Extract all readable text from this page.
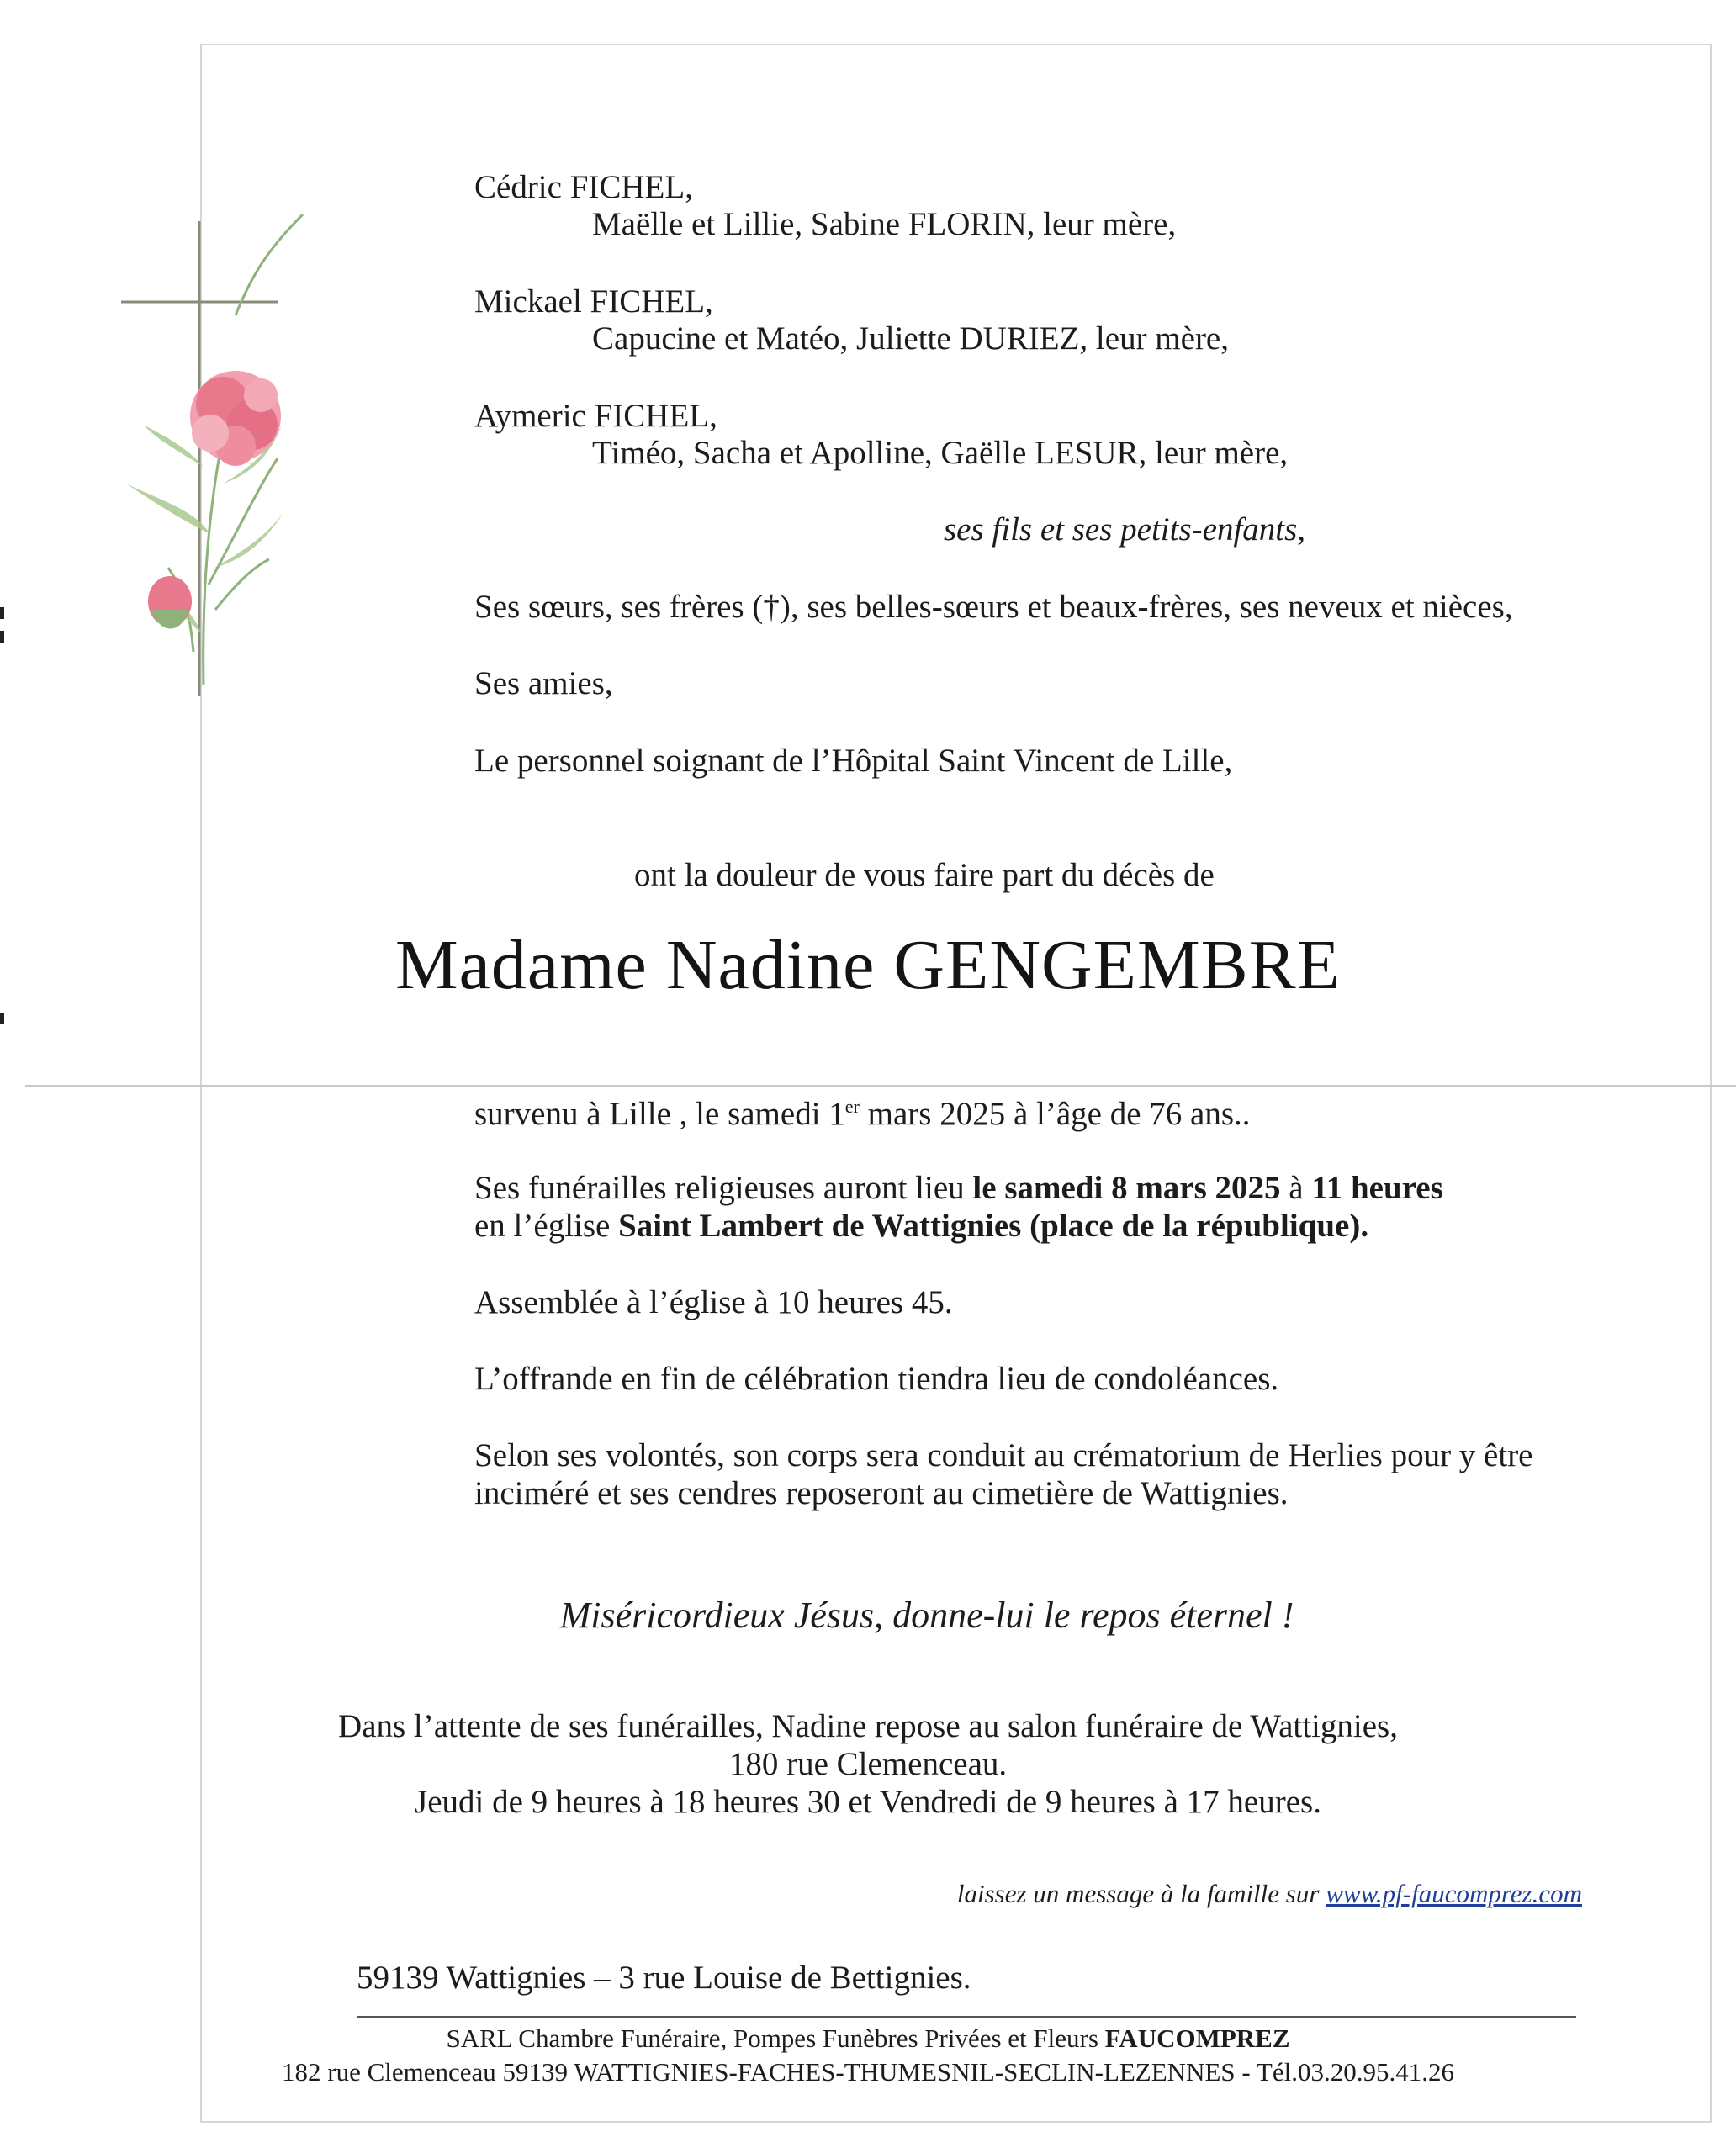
Cédric FICHEL,
Maëlle et Lillie, Sabine FLORIN, leur mère,
Mickael FICHEL,
Capucine et Matéo, Juliette DURIEZ, leur mère,
Aymeric FICHEL,
Timéo, Sacha et Apolline, Gaëlle LESUR, leur mère,
ses fils et ses petits-enfants,
Ses sœurs, ses frères (†), ses belles-sœurs et beaux-frères, ses neveux et nièces,
Ses amies,
Le personnel soignant de l’Hôpital Saint Vincent de Lille,
ont la douleur de vous faire part du décès de
Madame Nadine GENGEMBRE
survenu à Lille , le samedi 1er mars 2025 à l’âge de 76 ans..
Ses funérailles religieuses auront lieu le samedi 8 mars 2025 à 11 heures
en l’église Saint Lambert de Wattignies (place de la république).
Assemblée à l’église à 10 heures 45.
L’offrande en fin de célébration tiendra lieu de condoléances.
Selon ses volontés, son corps sera conduit au crématorium de Herlies pour y être
inciméré et ses cendres reposeront au cimetière de Wattignies.
Miséricordieux Jésus, donne-lui le repos éternel !
Dans l’attente de ses funérailles, Nadine repose au salon funéraire de Wattignies,
180 rue Clemenceau.
Jeudi de 9 heures à 18 heures 30 et Vendredi de 9 heures à 17 heures.
laissez un message à la famille sur www.pf-faucomprez.com
59139 Wattignies – 3 rue Louise de Bettignies.
SARL Chambre Funéraire, Pompes Funèbres Privées et Fleurs FAUCOMPREZ
182 rue Clemenceau 59139 WATTIGNIES-FACHES-THUMESNIL-SECLIN-LEZENNES - Tél.03.20.95.41.26
